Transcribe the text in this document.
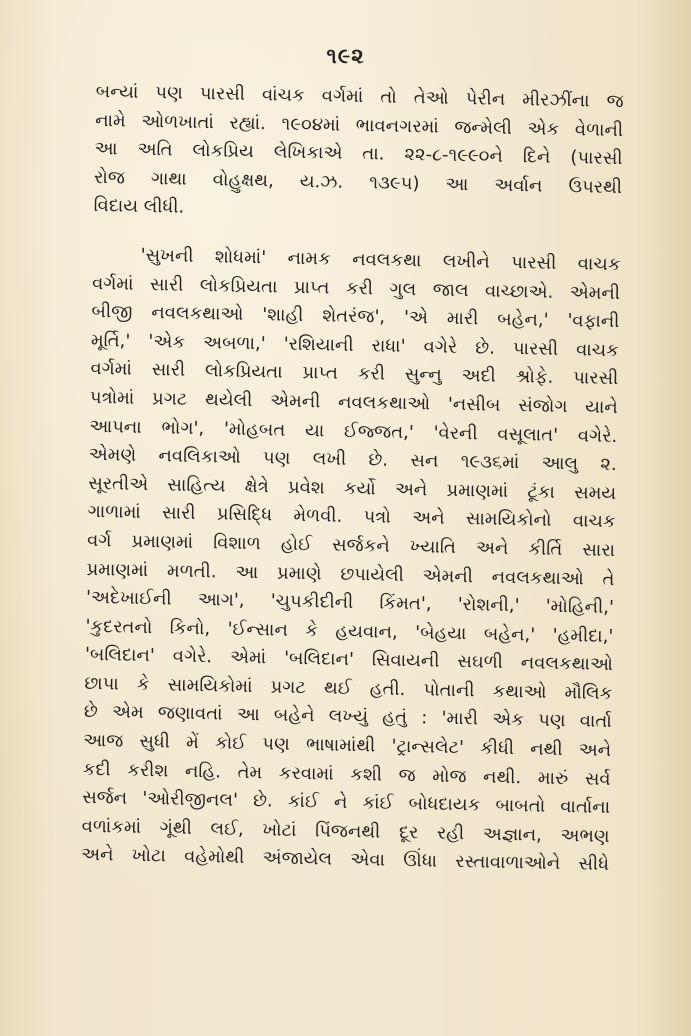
૧૯૨
બન્યાં પણ પારસી વાંચક વર્ગમાં તો તેઓ પેરીન મીરઝીંના જ
નામે ઓળખાતાં રહ્યાં. ૧૯૦૪માં ભાવનગરમાં જન્મેલી એક વેળાની
આ અતિ લોકપ્રિય લેખિકાએ તા. ૨૨-૮-૧૯૯૦ને દિને (પારસી
રોજ ગાથા વોહુક્ષથ, ય.ઝ. ૧૩૯૫) આ અર્વાન ઉપરથી
વિદાય લીધી.
'સુખની શોધમાં' નામક નવલકથા લખીને પારસી વાચક
વર્ગમાં સારી લોકપ્રિયતા પ્રાપ્ત કરી ગુલ જાલ વાચ્છાએ. એમની
બીજી નવલકથાઓ 'શાહી શેતરંજ', 'એ મારી બહેન,' 'વફાની
મૂર્તિ,' 'એક અબળા,' 'રશિયાની રાધા' વગેરે છે. પારસી વાચક
વર્ગમાં સારી લોકપ્રિયતા પ્રાપ્ત કરી સુન્નુ અદી શ્રોફે. પારસી
પત્રોમાં પ્રગટ થયેલી એમની નવલકથાઓ 'નસીબ સંજોગ યાને
આપના ભોગ', 'મોહબત યા ઈજ્જત,' 'વેરની વસૂલાત' વગેરે.
એમણે નવલિકાઓ પણ લખી છે. સન ૧૯૩૬માં આલુ ૨.
સૂરતીએ સાહિત્ય ક્ષેત્રે પ્રવેશ કર્યો અને પ્રમાણમાં ટૂંકા સમય
ગાળામાં સારી પ્રસિદ્ધિ મેળવી. પત્રો અને સામયિકોનો વાચક
વર્ગ પ્રમાણમાં વિશાળ હોઈ સર્જકને ખ્યાતિ અને કીર્તિ સારા
પ્રમાણમાં મળતી. આ પ્રમાણે છપાયેલી એમની નવલકથાઓ તે
'અદેખાઈની આગ', 'ચુપકીદીની કિંમત', 'રોશની,' 'મોહિની,'
'કુદરતનો કિનો, 'ઈન્સાન કે હયવાન, 'બેહયા બહેન,' 'હમીદા,'
'બલિદાન' વગેરે. એમાં 'બલિદાન' સિવાયની સઘળી નવલકથાઓ
છાપા કે સામયિકોમાં પ્રગટ થઈ હતી. પોતાની કથાઓ મૌલિક
છે એમ જણાવતાં આ બહેને લખ્યું હતું : 'મારી એક પણ વાર્તા
આજ સુધી મેં કોઈ પણ ભાષામાંથી 'ટ્રાન્સલેટ' કીધી નથી અને
કદી કરીશ નહિ. તેમ કરવામાં કશી જ મોજ નથી. મારું સર્વ
સર્જન 'ઓરીજીનલ' છે. કાંઈ ને કાંઈ બોધદાયક બાબતો વાર્તાના
વળાંકમાં ગૂંથી લઈ, ખોટાં પિંજનથી દૂર રહી અજ્ઞાન, અભણ
અને ખોટા વહેમોથી અંજાયેલ એવા ઊંધા રસ્તાવાળાઓને સીધે
